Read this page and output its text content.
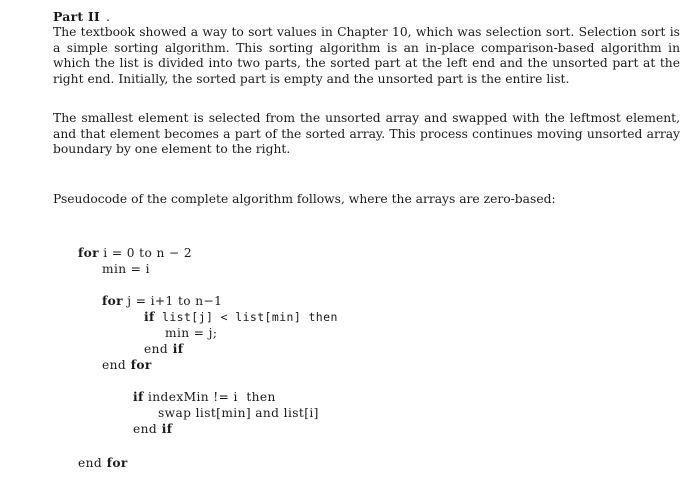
Part II .

The textbook showed a way to sort values in Chapter 10, which was selection sort. Selection sort is a simple sorting algorithm. This sorting algorithm is an in-place comparison-based algorithm in which the list is divided into two parts, the sorted part at the left end and the unsorted part at the right end. Initially, the sorted part is empty and the unsorted part is the entire list.

The smallest element is selected from the unsorted array and swapped with the leftmost element, and that element becomes a part of the sorted array. This process continues moving unsorted array boundary by one element to the right.

Pseudocode of the complete algorithm follows, where the arrays are zero-based:

for i = 0 to n − 2
min = i
for j = i+1 to n−1
if list[j] < list[min] then
min = j;
end if
end for
if indexMin != i  then
swap list[min] and list[i]
end if
end for
